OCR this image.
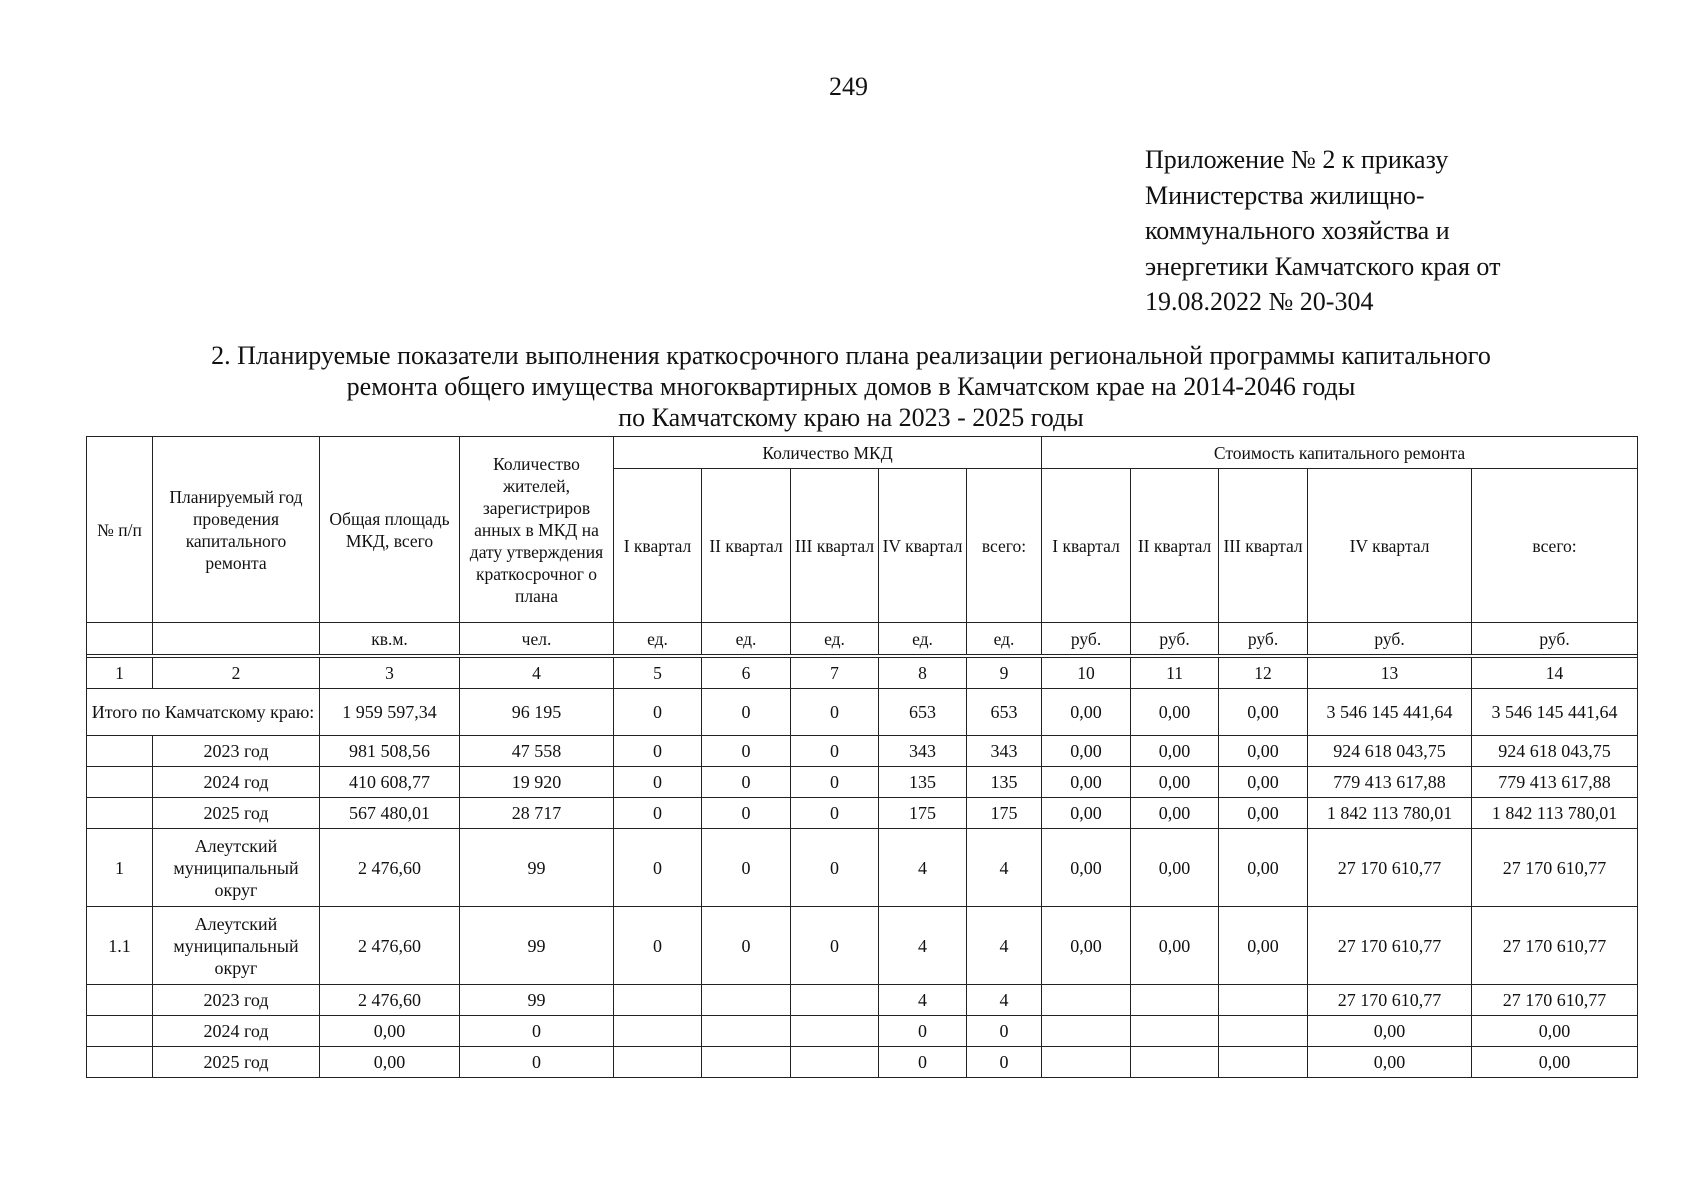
249
Приложение № 2 к приказу
Министерства жилищно-
коммунального хозяйства и
энергетики Камчатского края от
19.08.2022 № 20-304
2. Планируемые показатели выполнения краткосрочного плана реализации региональной программы капитального
ремонта общего имущества многоквартирных домов в Камчатском крае на 2014-2046 годы
по Камчатскому краю на 2023 - 2025 годы
№ п/п	Планируемый год проведения капитального ремонта	Общая площадь МКД, всего	Количество жителей, зарегистриров анных в МКД на дату утверждения краткосрочног о плана	Количество МКД					Стоимость капитального ремонта				
				I квартал	II квартал	III квартал	IV квартал	всего:	I квартал	II квартал	III квартал	IV квартал	всего:
		кв.м.	чел.	ед.	ед.	ед.	ед.	ед.	руб.	руб.	руб.	руб.	руб.

1	2	3	4	5	6	7	8	9	10	11	12	13	14
Итого по Камчатскому краю:		1 959 597,34	96 195	0	0	0	653	653	0,00	0,00	0,00	3 546 145 441,64	3 546 145 441,64
	2023 год	981 508,56	47 558	0	0	0	343	343	0,00	0,00	0,00	924 618 043,75	924 618 043,75
	2024 год	410 608,77	19 920	0	0	0	135	135	0,00	0,00	0,00	779 413 617,88	779 413 617,88
	2025 год	567 480,01	28 717	0	0	0	175	175	0,00	0,00	0,00	1 842 113 780,01	1 842 113 780,01
1	Алеутский муниципальный округ	2 476,60	99	0	0	0	4	4	0,00	0,00	0,00	27 170 610,77	27 170 610,77
1.1	Алеутский муниципальный округ	2 476,60	99	0	0	0	4	4	0,00	0,00	0,00	27 170 610,77	27 170 610,77
	2023 год	2 476,60	99				4	4				27 170 610,77	27 170 610,77
	2024 год	0,00	0				0	0				0,00	0,00
	2025 год	0,00	0				0	0				0,00	0,00
